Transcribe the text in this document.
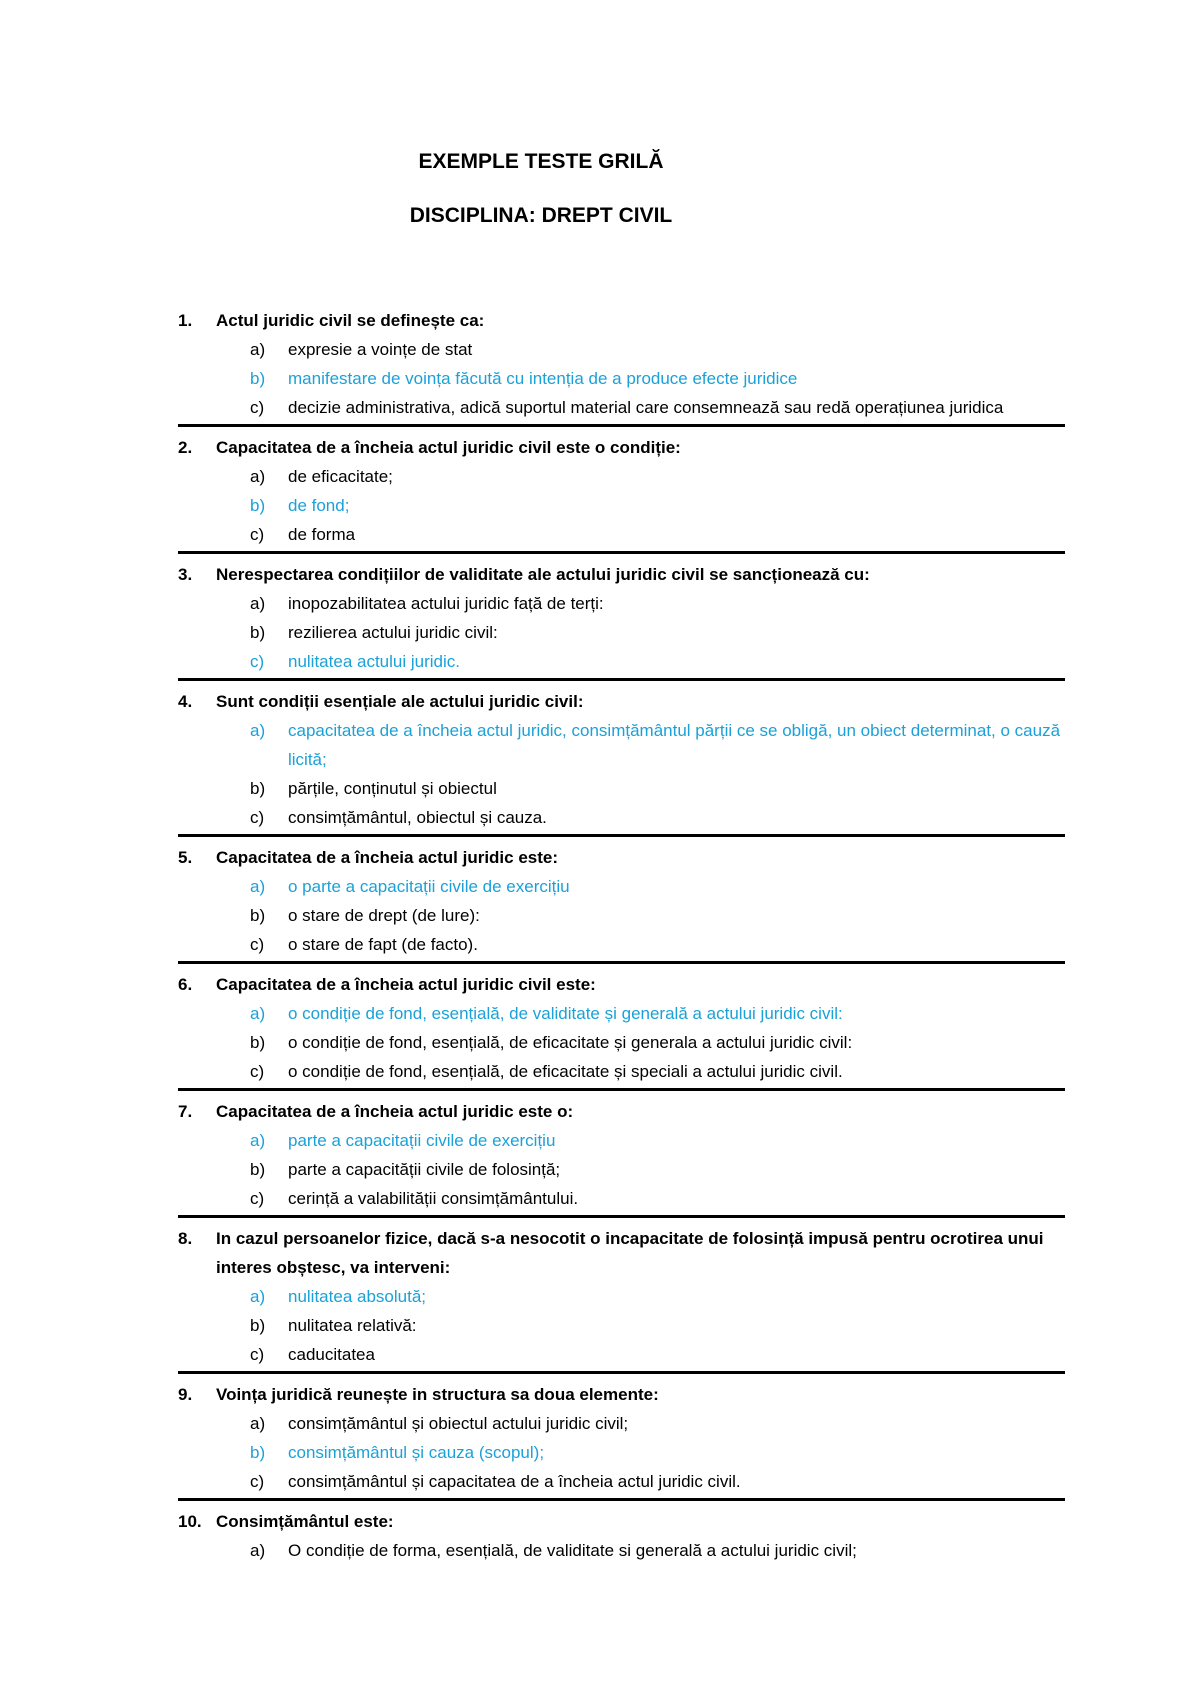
EXEMPLE TESTE GRILĂ
DISCIPLINA: DREPT CIVIL
1.	Actul juridic civil se definește ca:
a)	expresie a voințe de stat
b)	manifestare de voința făcută cu intenția de a produce efecte juridice
c)	decizie administrativa, adică suportul material care consemnează sau redă operațiunea juridica
2.	Capacitatea de a încheia actul juridic civil este o condiție:
a)	de eficacitate;
b)	de fond;
c)	de forma
3.	Nerespectarea condițiilor de validitate ale actului juridic civil se sancționează cu:
a)	inopozabilitatea actului juridic față de terți:
b)	rezilierea actului juridic civil:
c)	nulitatea actului juridic.
4.	Sunt condiții esențiale ale actului juridic civil:
a)	capacitatea de a încheia actul juridic, consimțământul părții ce se obligă, un obiect determinat, o cauză licită;
b)	părțile, conținutul și obiectul
c)	consimțământul, obiectul și cauza.
5.	Capacitatea de a încheia actul juridic este:
a)	o parte a capacitații civile de exercițiu
b)	o stare de drept (de lure):
c)	o stare de fapt (de facto).
6.	Capacitatea de a încheia actul juridic civil este:
a)	o condiție de fond, esențială, de validitate și generală a actului juridic civil:
b)	o condiție de fond, esențială, de eficacitate și generala a actului juridic civil:
c)	o condiție de fond, esențială, de eficacitate și speciali a actului juridic civil.
7.	Capacitatea de a încheia actul juridic este o:
a)	parte a capacitații civile de exercițiu
b)	parte a capacității civile de folosință;
c)	cerință a valabilității consimțământului.
8.	In cazul persoanelor fizice, dacă s-a nesocotit o incapacitate de folosință impusă pentru ocrotirea unui interes obștesc, va interveni:
a)	nulitatea absolută;
b)	nulitatea relativă:
c)	caducitatea
9.	Voința juridică reunește in structura sa doua elemente:
a)	consimțământul și obiectul actului juridic civil;
b)	consimțământul și cauza (scopul);
c)	consimțământul și capacitatea de a încheia actul juridic civil.
10. Consimțământul este:
a)	O condiție de forma, esențială, de validitate si generală a actului juridic civil;
